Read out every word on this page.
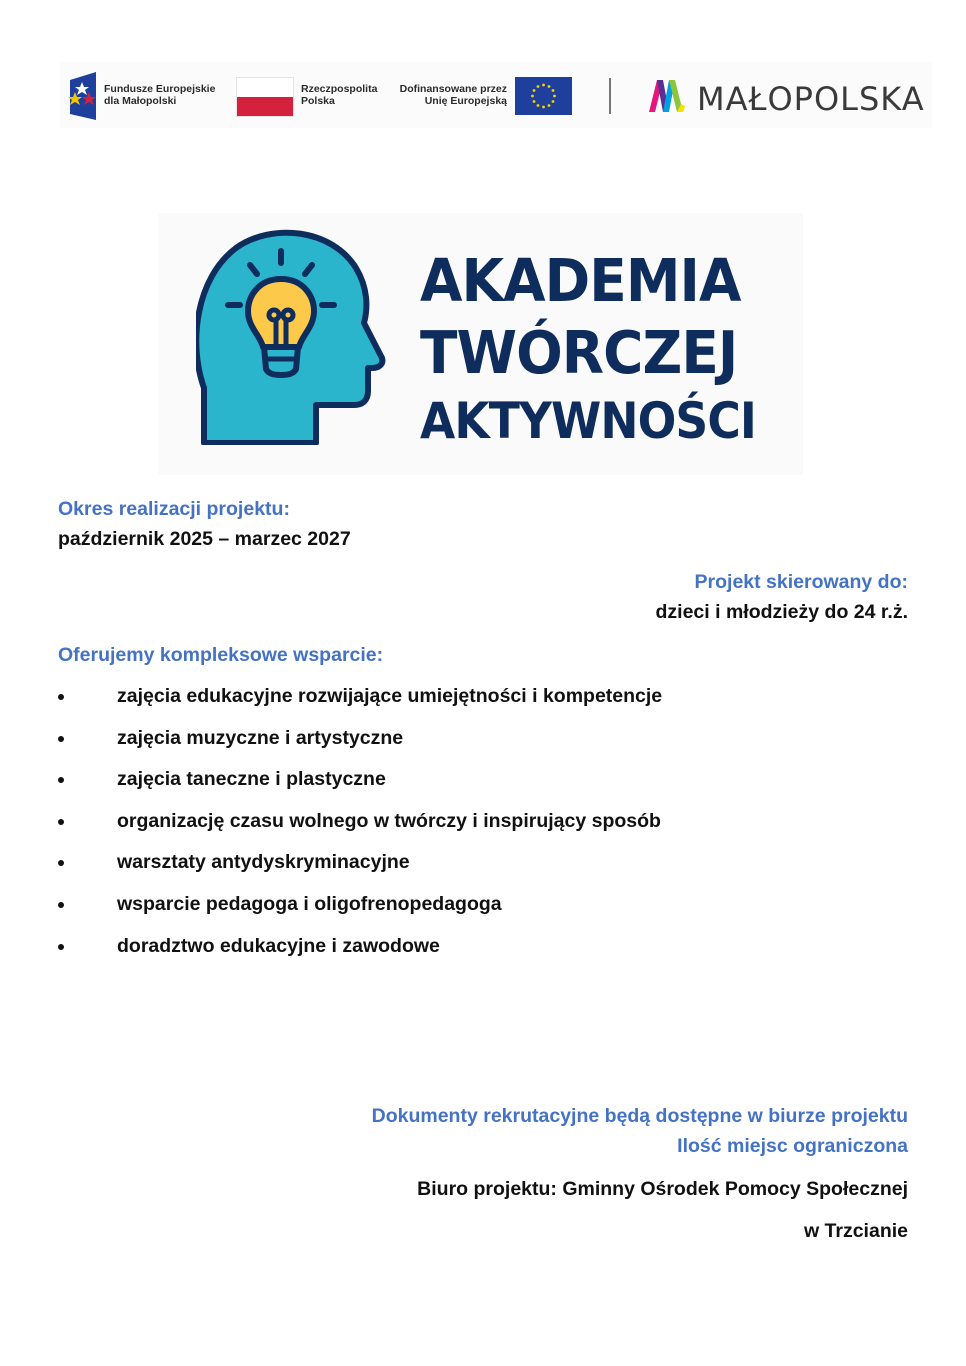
Fundusze Europejskie
dla Małopolski
Rzeczpospolita
Polska
Dofinansowane przez
Unię Europejską	MAŁOPOLSKA
AKADEMIA
TWÓRCZEJ
AKTYWNOŚCI
Okres realizacji projektu:
październik 2025 – marzec 2027
Projekt skierowany do:
dzieci i młodzieży do 24 r.ż.
Oferujemy kompleksowe wsparcie:
zajęcia edukacyjne rozwijające umiejętności i kompetencje
zajęcia muzyczne i artystyczne
zajęcia taneczne i plastyczne
organizację czasu wolnego w twórczy i inspirujący sposób
warsztaty antydyskryminacyjne
wsparcie pedagoga i oligofrenopedagoga
doradztwo edukacyjne i zawodowe
Dokumenty rekrutacyjne będą dostępne w biurze projektu
Ilość miejsc ograniczona
Biuro projektu: Gminny Ośrodek Pomocy Społecznej
w Trzcianie
